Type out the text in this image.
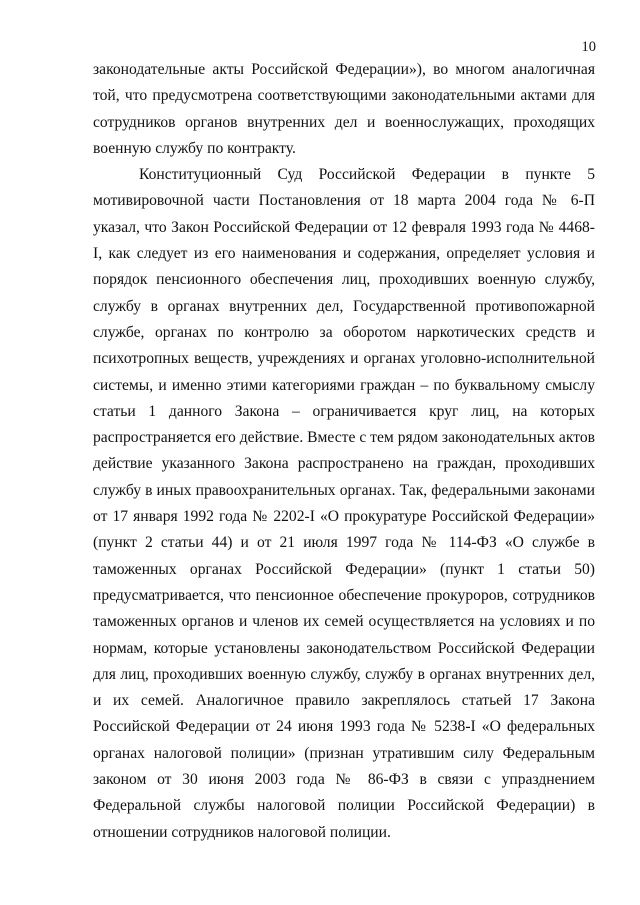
10

законодательные акты Российской Федерации»), во многом аналогичная той, что предусмотрена соответствующими законодательными актами для сотрудников органов внутренних дел и военнослужащих, проходящих военную службу по контракту.

Конституционный Суд Российской Федерации в пункте 5 мотивировочной части Постановления от 18 марта 2004 года № 6-П указал, что Закон Российской Федерации от 12 февраля 1993 года № 4468-I, как следует из его наименования и содержания, определяет условия и порядок пенсионного обеспечения лиц, проходивших военную службу, службу в органах внутренних дел, Государственной противопожарной службе, органах по контролю за оборотом наркотических средств и психотропных веществ, учреждениях и органах уголовно-исполнительной системы, и именно этими категориями граждан – по буквальному смыслу статьи 1 данного Закона – ограничивается круг лиц, на которых распространяется его действие. Вместе с тем рядом законодательных актов действие указанного Закона распространено на граждан, проходивших службу в иных правоохранительных органах. Так, федеральными законами от 17 января 1992 года № 2202-I «О прокуратуре Российской Федерации» (пункт 2 статьи 44) и от 21 июля 1997 года № 114-ФЗ «О службе в таможенных органах Российской Федерации» (пункт 1 статьи 50) предусматривается, что пенсионное обеспечение прокуроров, сотрудников таможенных органов и членов их семей осуществляется на условиях и по нормам, которые установлены законодательством Российской Федерации для лиц, проходивших военную службу, службу в органах внутренних дел, и их семей. Аналогичное правило закреплялось статьей 17 Закона Российской Федерации от 24 июня 1993 года № 5238-I «О федеральных органах налоговой полиции» (признан утратившим силу Федеральным законом от 30 июня 2003 года № 86-ФЗ в связи с упразднением Федеральной службы налоговой полиции Российской Федерации) в отношении сотрудников налоговой полиции.
